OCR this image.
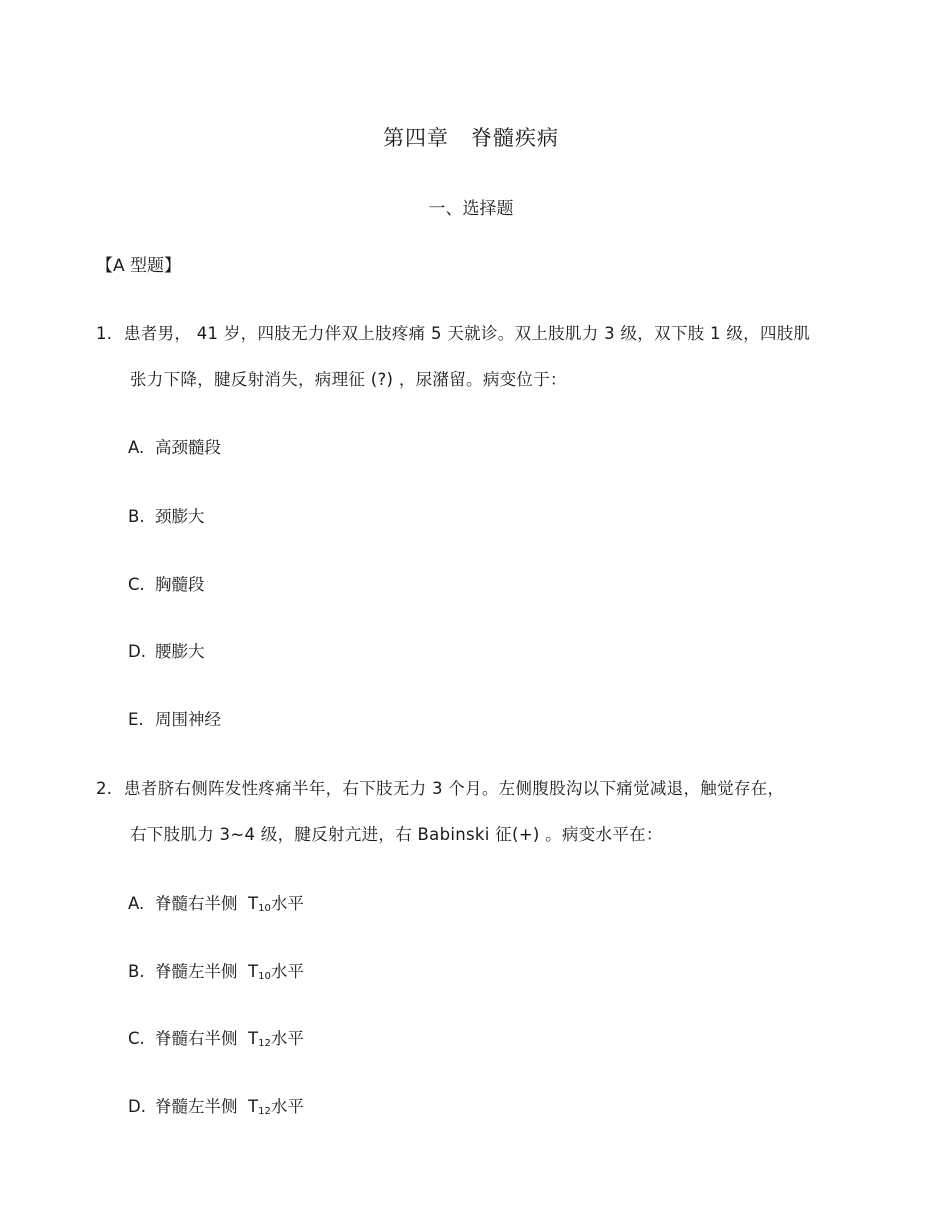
第四章　脊髓疾病
一、选择题
【A 型题】
1. 患者男， 41 岁，四肢无力伴双上肢疼痛 5 天就诊。双上肢肌力 3 级，双下肢 1 级，四肢肌
张力下降，腱反射消失，病理征 (?) ，尿潴留。病变位于：
A. 高颈髓段
B. 颈膨大
C. 胸髓段
D. 腰膨大
E. 周围神经
2. 患者脐右侧阵发性疼痛半年，右下肢无力 3 个月。左侧腹股沟以下痛觉减退，触觉存在，
右下肢肌力 3~4 级，腱反射亢进，右 Babinski 征(+) 。病变水平在：
A. 脊髓右半侧 $T_{10}$水平
B. 脊髓左半侧 $T_{10}$水平
C. 脊髓右半侧 $T_{12}$水平
D. 脊髓左半侧 $T_{12}$水平
